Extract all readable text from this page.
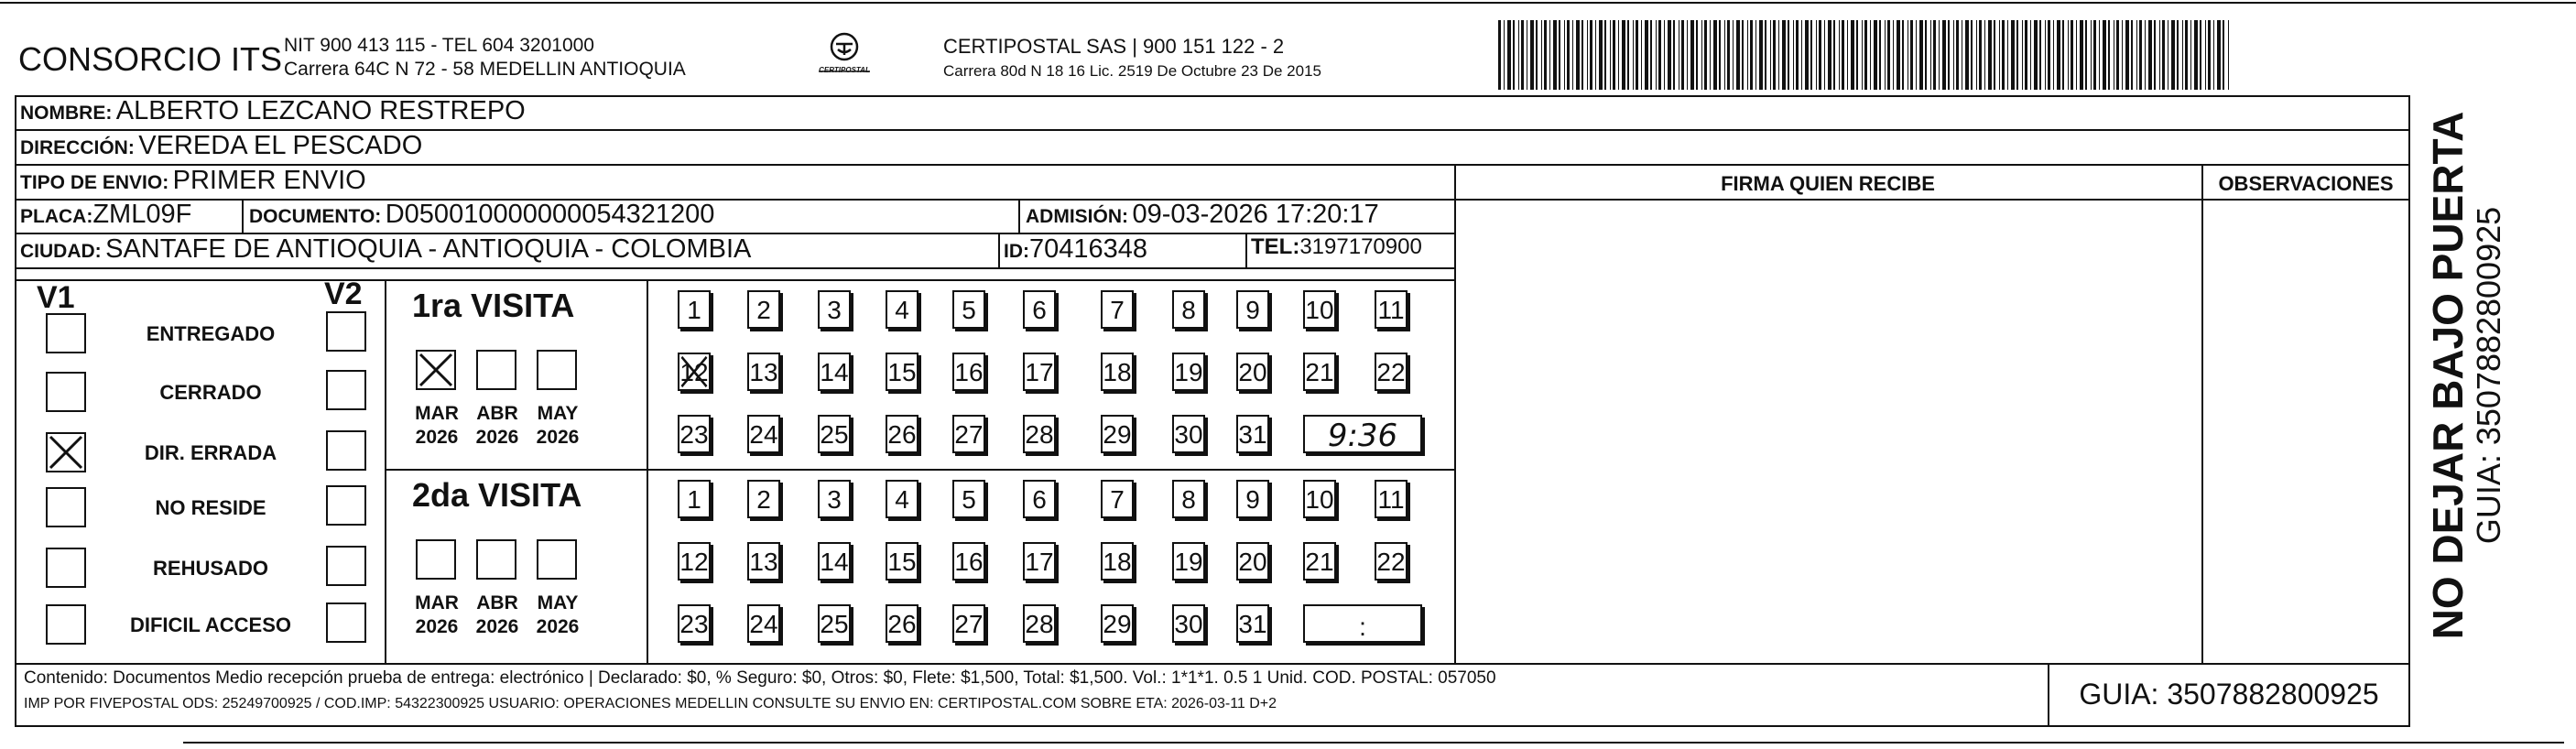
CONSORCIO ITS NIT 900 413 115 - TEL 604 3201000
Carrera 64C N 72 - 58 MEDELLIN ANTIOQUIA	CERTIPOSTAL
CERTIPOSTAL SAS | 900 151 122 - 2
Carrera 80d N 18 16 Lic. 2519 De Octubre 23 De 2015
NOMBRE: ALBERTO LEZCANO RESTREPO
DIRECCIÓN: VEREDA EL PESCADO
TIPO DE ENVIO: PRIMER ENVIO	FIRMA QUIEN RECIBE	OBSERVACIONES
PLACA:ZML09F	DOCUMENTO: D050010000000054321200	ADMISIÓN: 09-03-2026 17:20:17
CIUDAD: SANTAFE DE ANTIOQUIA - ANTIOQUIA - COLOMBIA	ID:70416348	TEL:3197170900
V1	V2
ENTREGADO
CERRADO
DIR. ERRADA
NO RESIDE
REHUSADO
DIFICIL ACCESO
1ra VISITA
MAR
2026
ABR
2026
MAY
2026
1	2	3	4	5	6	7	8	9	10 11
12 13 14 15 16 17 18 19 20 21 22
23 24 25 26 27 28 29 30 31	9:36
2da VISITA
MAR
2026
ABR
2026
MAY
2026
1	2	3	4	5	6	7	8	9	10 11
12 13 14 15 16 17 18 19 20 21 22
23 24 25 26 27 28 29 30 31	:
Contenido: Documentos Medio recepción prueba de entrega: electrónico | Declarado: $0, % Seguro: $0, Otros: $0, Flete: $1,500, Total: $1,500. Vol.: 1*1*1. 0.5 1 Unid. COD. POSTAL: 057050
IMP POR FIVEPOSTAL ODS: 25249700925 / COD.IMP: 54322300925 USUARIO: OPERACIONES MEDELLIN CONSULTE SU ENVIO EN: CERTIPOSTAL.COM SOBRE ETA: 2026-03-11 D+2	GUIA: 3507882800925
NO DEJAR BAJO PUERTA
GUIA: 3507882800925
